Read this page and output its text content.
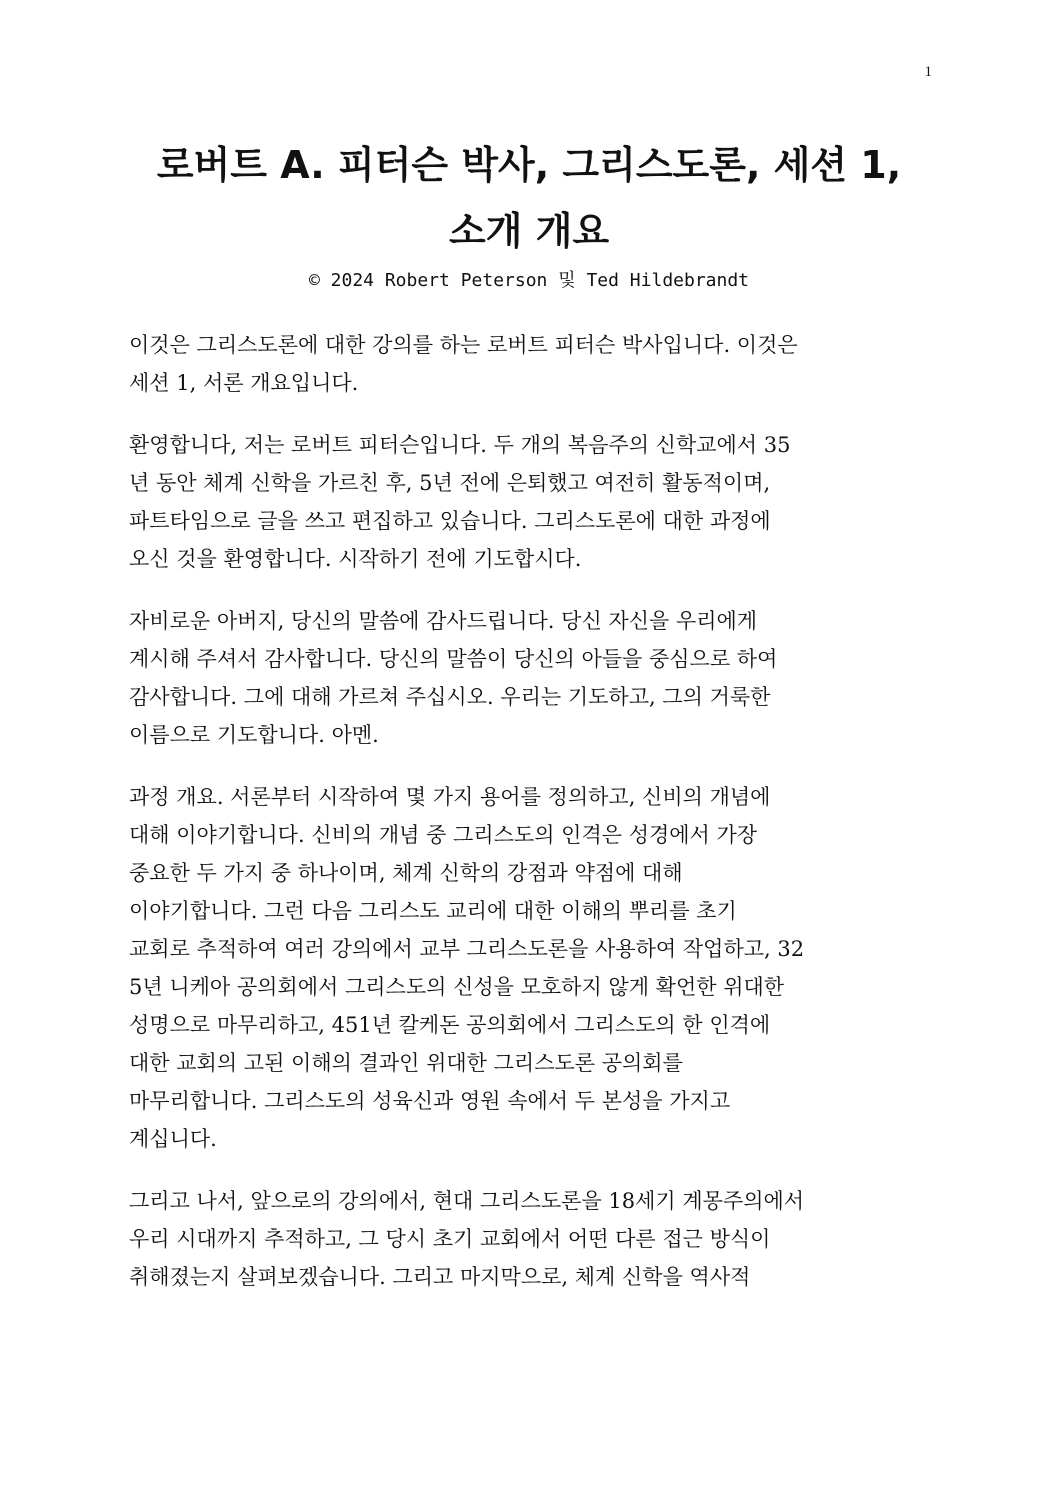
1
로버트 A. 피터슨 박사, 그리스도론, 세션 1,
소개 개요
© 2024 Robert Peterson 및 Ted Hildebrandt

이것은 그리스도론에 대한 강의를 하는 로버트 피터슨 박사입니다. 이것은
세션 1, 서론 개요입니다.

환영합니다, 저는 로버트 피터슨입니다. 두 개의 복음주의 신학교에서 35
년 동안 체계 신학을 가르친 후, 5년 전에 은퇴했고 여전히 활동적이며,
파트타임으로 글을 쓰고 편집하고 있습니다. 그리스도론에 대한 과정에
오신 것을 환영합니다. 시작하기 전에 기도합시다.

자비로운 아버지, 당신의 말씀에 감사드립니다. 당신 자신을 우리에게
계시해 주셔서 감사합니다. 당신의 말씀이 당신의 아들을 중심으로 하여
감사합니다. 그에 대해 가르쳐 주십시오. 우리는 기도하고, 그의 거룩한
이름으로 기도합니다. 아멘.

과정 개요. 서론부터 시작하여 몇 가지 용어를 정의하고, 신비의 개념에
대해 이야기합니다. 신비의 개념 중 그리스도의 인격은 성경에서 가장
중요한 두 가지 중 하나이며, 체계 신학의 강점과 약점에 대해
이야기합니다. 그런 다음 그리스도 교리에 대한 이해의 뿌리를 초기
교회로 추적하여 여러 강의에서 교부 그리스도론을 사용하여 작업하고, 32
5년 니케아 공의회에서 그리스도의 신성을 모호하지 않게 확언한 위대한
성명으로 마무리하고, 451년 칼케돈 공의회에서 그리스도의 한 인격에
대한 교회의 고된 이해의 결과인 위대한 그리스도론 공의회를
마무리합니다. 그리스도의 성육신과 영원 속에서 두 본성을 가지고
계십니다.

그리고 나서, 앞으로의 강의에서, 현대 그리스도론을 18세기 계몽주의에서
우리 시대까지 추적하고, 그 당시 초기 교회에서 어떤 다른 접근 방식이
취해졌는지 살펴보겠습니다. 그리고 마지막으로, 체계 신학을 역사적
